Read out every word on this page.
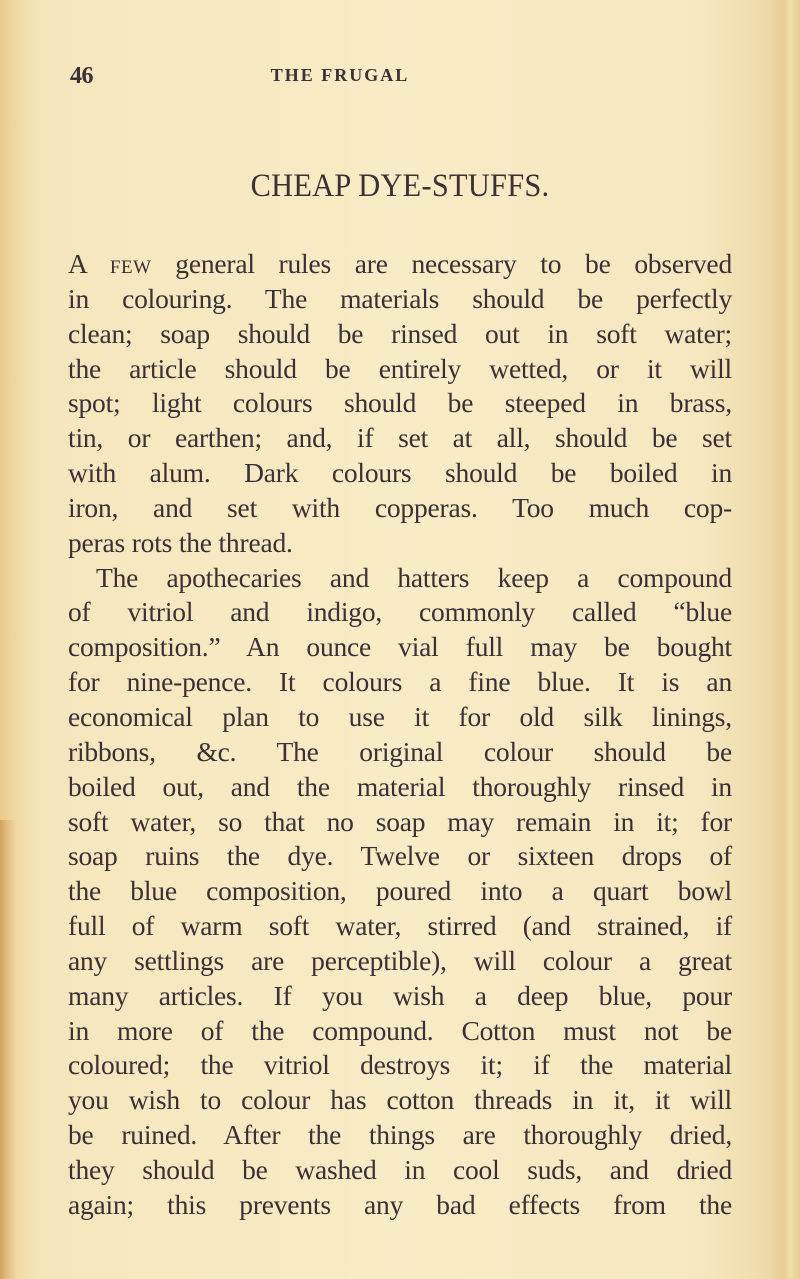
46	THE FRUGAL
CHEAP DYE-STUFFS.
A few general rules are necessary to be observed
in colouring. The materials should be perfectly
clean; soap should be rinsed out in soft water;
the article should be entirely wetted, or it will
spot; light colours should be steeped in brass,
tin, or earthen; and, if set at all, should be set
with alum. Dark colours should be boiled in
iron, and set with copperas. Too much cop-
peras rots the thread.
The apothecaries and hatters keep a compound
of vitriol and indigo, commonly called “blue
composition.” An ounce vial full may be bought
for nine-pence. It colours a fine blue. It is an
economical plan to use it for old silk linings,
ribbons, &c. The original colour should be
boiled out, and the material thoroughly rinsed in
soft water, so that no soap may remain in it; for
soap ruins the dye. Twelve or sixteen drops of
the blue composition, poured into a quart bowl
full of warm soft water, stirred (and strained, if
any settlings are perceptible), will colour a great
many articles. If you wish a deep blue, pour
in more of the compound. Cotton must not be
coloured; the vitriol destroys it; if the material
you wish to colour has cotton threads in it, it will
be ruined. After the things are thoroughly dried,
they should be washed in cool suds, and dried
again; this prevents any bad effects from the
